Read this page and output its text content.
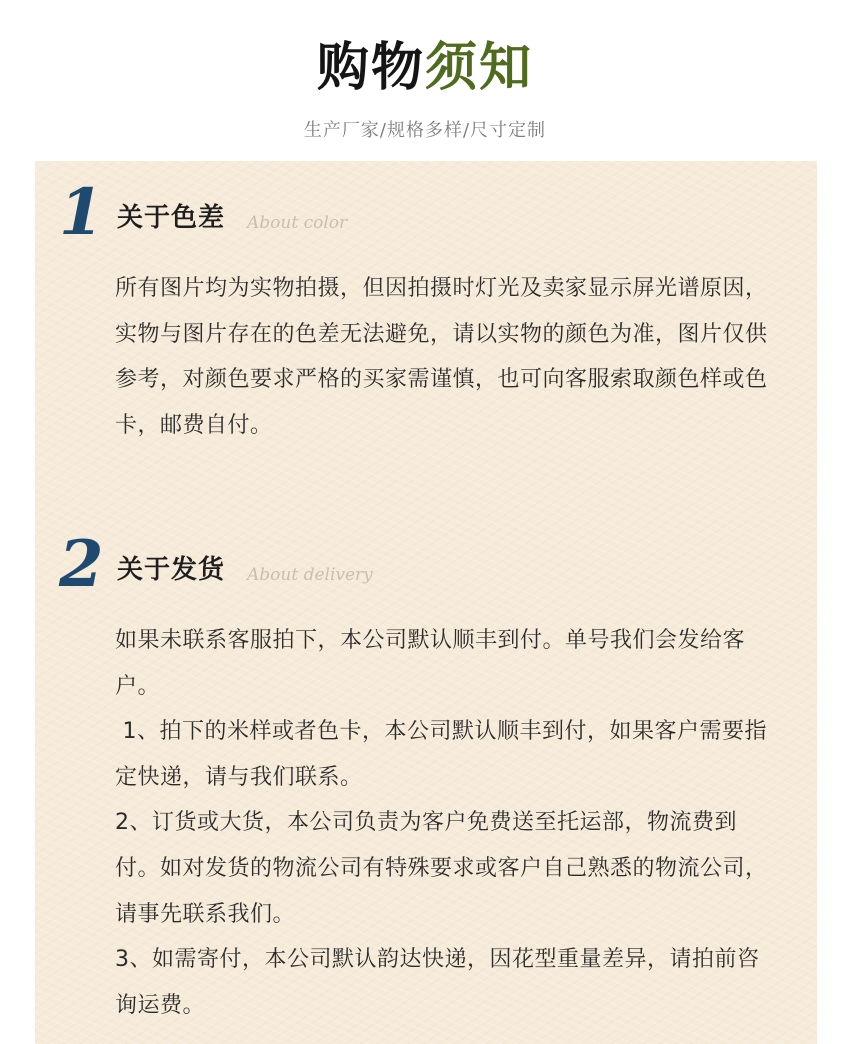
购物须知
生产厂家/规格多样/尺寸定制
1 关于色差 About color

所有图片均为实物拍摄，但因拍摄时灯光及卖家显示屏光谱原因，实物与图片存在的色差无法避免，请以实物的颜色为准，图片仅供参考，对颜色要求严格的买家需谨慎，也可向客服索取颜色样或色卡，邮费自付。

2 关于发货 About delivery

如果未联系客服拍下，本公司默认顺丰到付。单号我们会发给客户。

1、拍下的米样或者色卡，本公司默认顺丰到付，如果客户需要指定快递，请与我们联系。

2、订货或大货，本公司负责为客户免费送至托运部，物流费到付。如对发货的物流公司有特殊要求或客户自己熟悉的物流公司，请事先联系我们。

3、如需寄付，本公司默认韵达快递，因花型重量差异，请拍前咨询运费。
